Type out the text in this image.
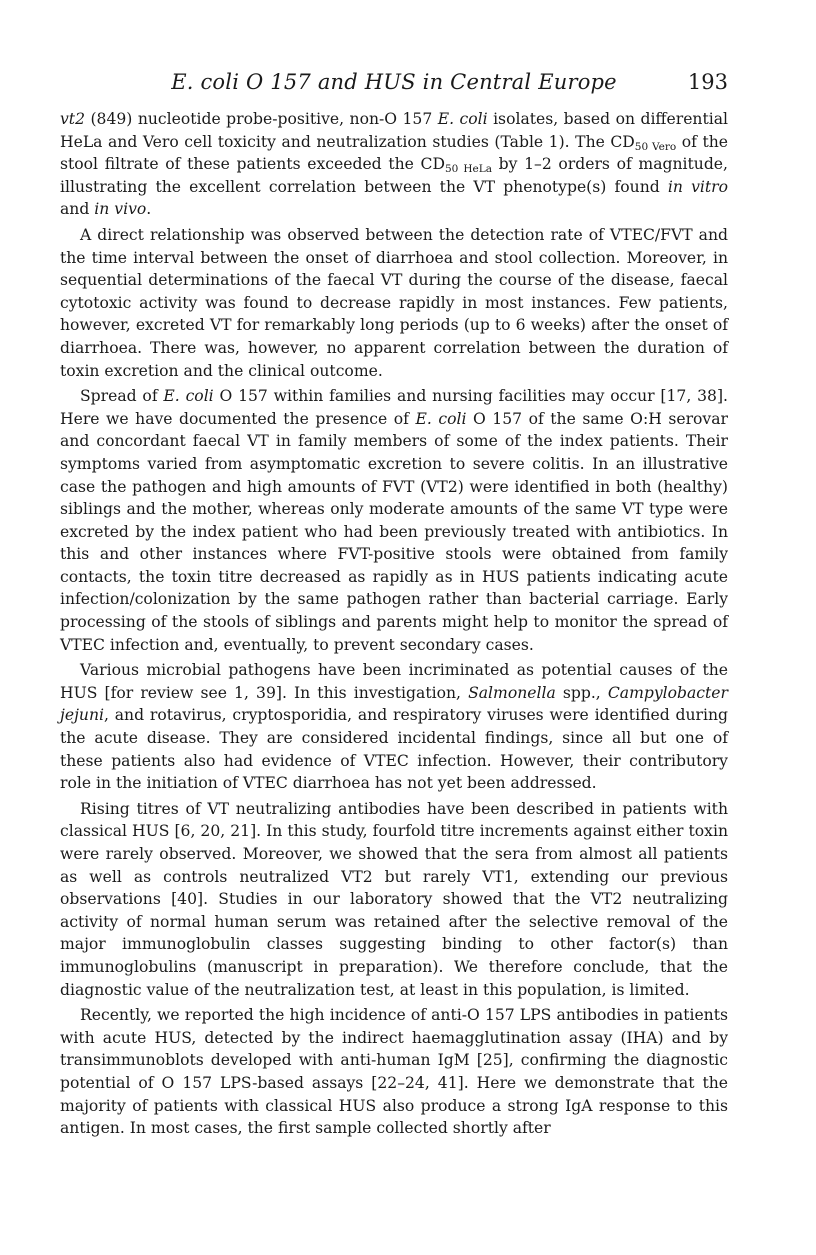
E. coli O 157 and HUS in Central Europe	193

vt2 (849) nucleotide probe-positive, non-O 157 E. coli isolates, based on differential HeLa and Vero cell toxicity and neutralization studies (Table 1). The $CD_{50 Vero}$ of the stool filtrate of these patients exceeded the $CD_{50 HeLa}$ by 1–2 orders of magnitude, illustrating the excellent correlation between the VT phenotype(s) found in vitro and in vivo.

A direct relationship was observed between the detection rate of VTEC/FVT and the time interval between the onset of diarrhoea and stool collection. Moreover, in sequential determinations of the faecal VT during the course of the disease, faecal cytotoxic activity was found to decrease rapidly in most instances. Few patients, however, excreted VT for remarkably long periods (up to 6 weeks) after the onset of diarrhoea. There was, however, no apparent correlation between the duration of toxin excretion and the clinical outcome.

Spread of E. coli O 157 within families and nursing facilities may occur [17, 38]. Here we have documented the presence of E. coli O 157 of the same O:H serovar and concordant faecal VT in family members of some of the index patients. Their symptoms varied from asymptomatic excretion to severe colitis. In an illustrative case the pathogen and high amounts of FVT (VT2) were identified in both (healthy) siblings and the mother, whereas only moderate amounts of the same VT type were excreted by the index patient who had been previously treated with antibiotics. In this and other instances where FVT-positive stools were obtained from family contacts, the toxin titre decreased as rapidly as in HUS patients indicating acute infection/colonization by the same pathogen rather than bacterial carriage. Early processing of the stools of siblings and parents might help to monitor the spread of VTEC infection and, eventually, to prevent secondary cases.

Various microbial pathogens have been incriminated as potential causes of the HUS [for review see 1, 39]. In this investigation, Salmonella spp., Campylobacter jejuni, and rotavirus, cryptosporidia, and respiratory viruses were identified during the acute disease. They are considered incidental findings, since all but one of these patients also had evidence of VTEC infection. However, their contributory role in the initiation of VTEC diarrhoea has not yet been addressed.

Rising titres of VT neutralizing antibodies have been described in patients with classical HUS [6, 20, 21]. In this study, fourfold titre increments against either toxin were rarely observed. Moreover, we showed that the sera from almost all patients as well as controls neutralized VT2 but rarely VT1, extending our previous observations [40]. Studies in our laboratory showed that the VT2 neutralizing activity of normal human serum was retained after the selective removal of the major immunoglobulin classes suggesting binding to other factor(s) than immunoglobulins (manuscript in preparation). We therefore conclude, that the diagnostic value of the neutralization test, at least in this population, is limited.

Recently, we reported the high incidence of anti-O 157 LPS antibodies in patients with acute HUS, detected by the indirect haemagglutination assay (IHA) and by transimmunoblots developed with anti-human IgM [25], confirming the diagnostic potential of O 157 LPS-based assays [22–24, 41]. Here we demonstrate that the majority of patients with classical HUS also produce a strong IgA response to this antigen. In most cases, the first sample collected shortly after
